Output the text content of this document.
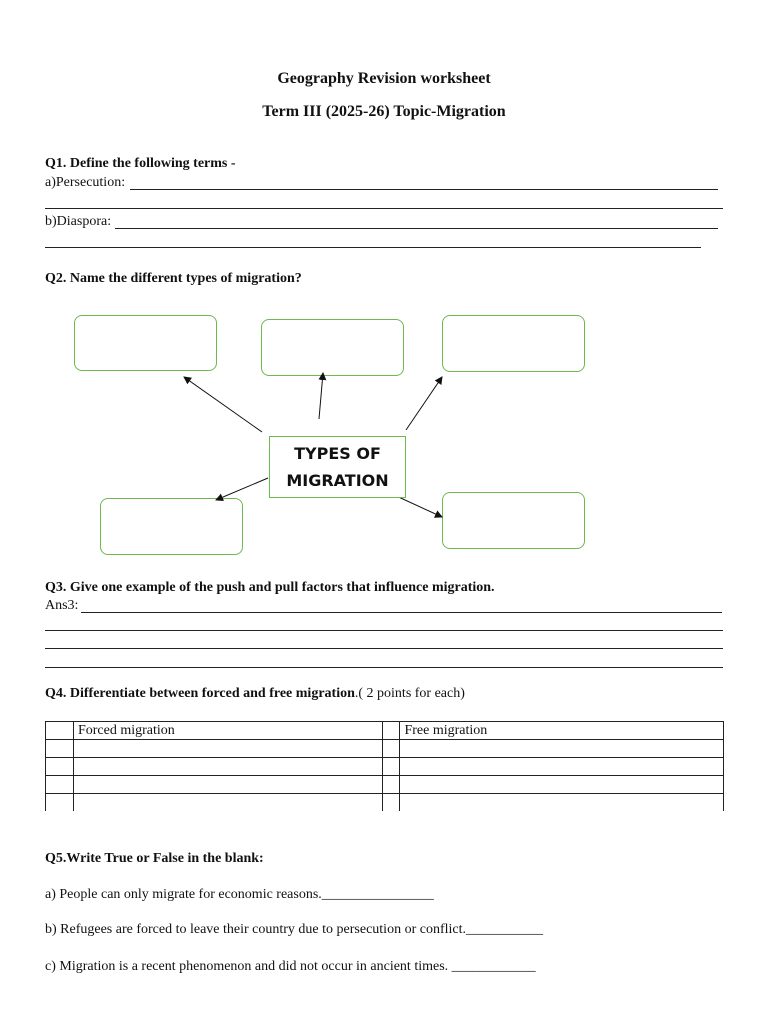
Geography Revision worksheet
Term III (2025-26) Topic-Migration
Q1. Define the following terms -
a)Persecution:
b)Diaspora:
Q2. Name the different types of migration?
TYPES OF
MIGRATION
Q3. Give one example of the push and pull factors that influence migration.
Ans3:
Q4. Differentiate between forced and free migration.( 2 points for each)
	Forced migration		Free migration

Q5.Write True or False in the blank:
a) People can only migrate for economic reasons.________________
b) Refugees are forced to leave their country due to persecution or conflict.___________
c) Migration is a recent phenomenon and did not occur in ancient times. ____________
